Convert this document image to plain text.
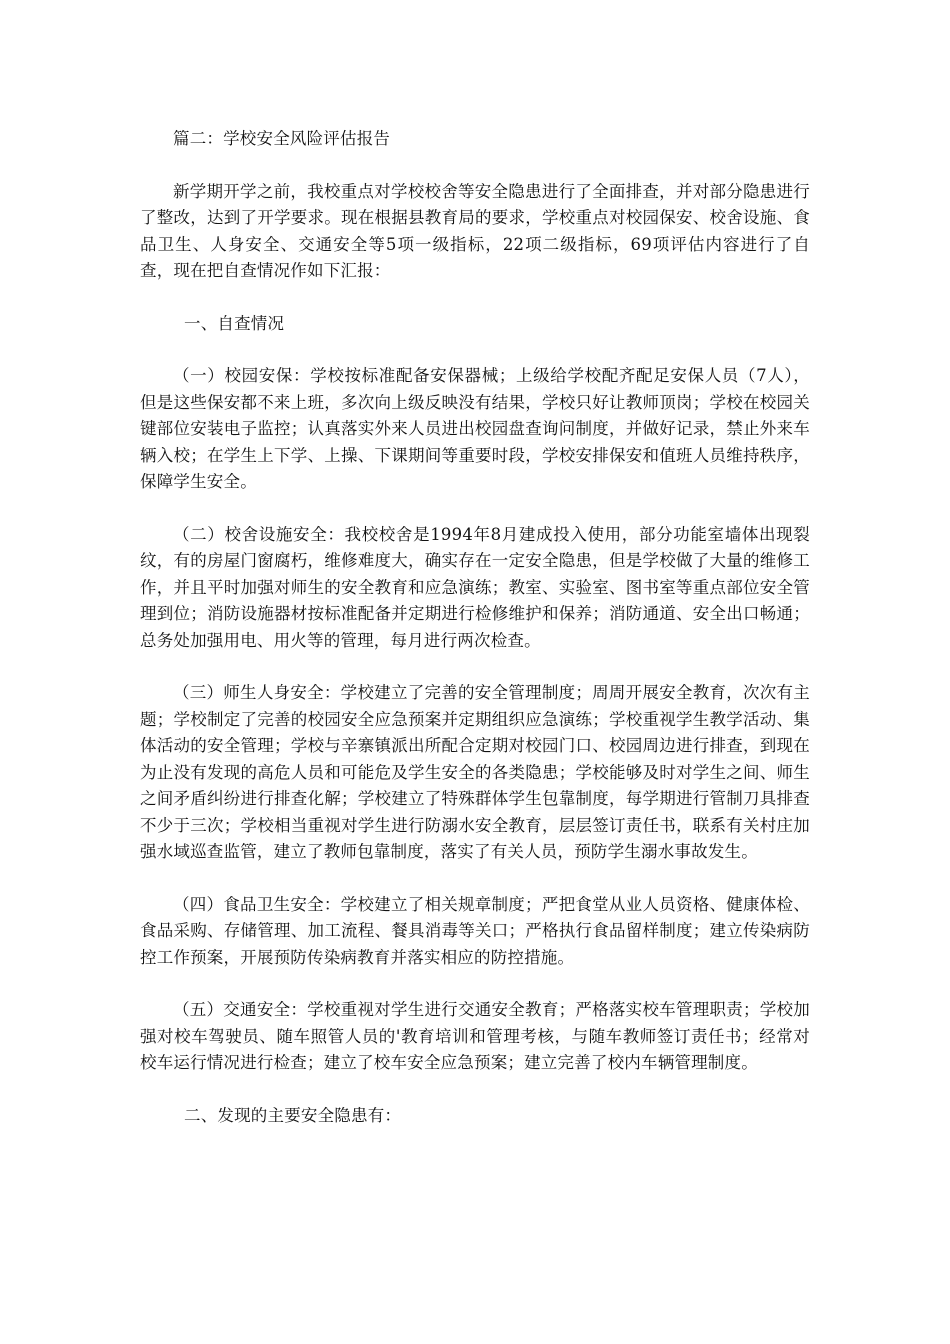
篇二：学校安全风险评估报告

新学期开学之前，我校重点对学校校舍等安全隐患进行了全面排查，并对部分隐患进行了整改，达到了开学要求。现在根据县教育局的要求，学校重点对校园保安、校舍设施、食品卫生、人身安全、交通安全等5项一级指标，22项二级指标，69项评估内容进行了自查，现在把自查情况作如下汇报：

一、自查情况

（一）校园安保：学校按标准配备安保器械；上级给学校配齐配足安保人员（7人），但是这些保安都不来上班，多次向上级反映没有结果，学校只好让教师顶岗；学校在校园关键部位安装电子监控；认真落实外来人员进出校园盘查询问制度，并做好记录，禁止外来车辆入校；在学生上下学、上操、下课期间等重要时段，学校安排保安和值班人员维持秩序，保障学生安全。

（二）校舍设施安全：我校校舍是1994年8月建成投入使用，部分功能室墙体出现裂纹，有的房屋门窗腐朽，维修难度大，确实存在一定安全隐患，但是学校做了大量的维修工作，并且平时加强对师生的安全教育和应急演练；教室、实验室、图书室等重点部位安全管理到位；消防设施器材按标准配备并定期进行检修维护和保养；消防通道、安全出口畅通；总务处加强用电、用火等的管理，每月进行两次检查。

（三）师生人身安全：学校建立了完善的安全管理制度；周周开展安全教育，次次有主题；学校制定了完善的校园安全应急预案并定期组织应急演练；学校重视学生教学活动、集体活动的安全管理；学校与辛寨镇派出所配合定期对校园门口、校园周边进行排查，到现在为止没有发现的高危人员和可能危及学生安全的各类隐患；学校能够及时对学生之间、师生之间矛盾纠纷进行排查化解；学校建立了特殊群体学生包靠制度，每学期进行管制刀具排查不少于三次；学校相当重视对学生进行防溺水安全教育，层层签订责任书，联系有关村庄加强水域巡查监管，建立了教师包靠制度，落实了有关人员，预防学生溺水事故发生。

（四）食品卫生安全：学校建立了相关规章制度；严把食堂从业人员资格、健康体检、食品采购、存储管理、加工流程、餐具消毒等关口；严格执行食品留样制度；建立传染病防控工作预案，开展预防传染病教育并落实相应的防控措施。

（五）交通安全：学校重视对学生进行交通安全教育；严格落实校车管理职责；学校加强对校车驾驶员、随车照管人员的'教育培训和管理考核，与随车教师签订责任书；经常对校车运行情况进行检查；建立了校车安全应急预案；建立完善了校内车辆管理制度。

二、发现的主要安全隐患有：
